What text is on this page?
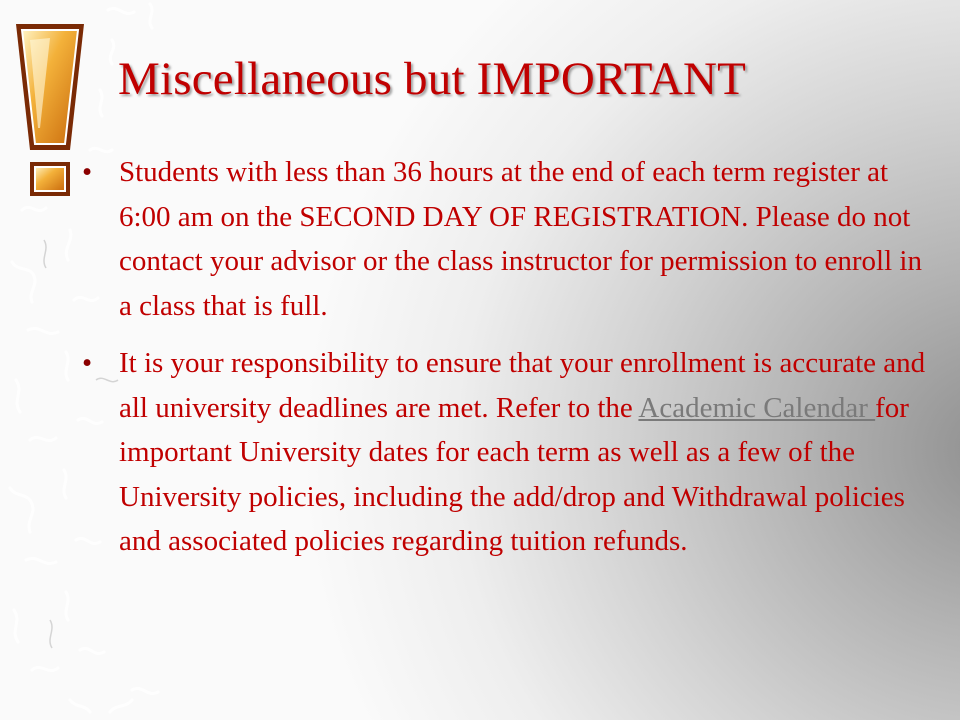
Miscellaneous but IMPORTANT
• Students with less than 36 hours at the end of each term register at 6:00 am on the SECOND DAY OF REGISTRATION. Please do not contact your advisor or the class instructor for permission to enroll in a class that is full.
• It is your responsibility to ensure that your enrollment is accurate and all university deadlines are met. Refer to the Academic Calendar for important University dates for each term as well as a few of the University policies, including the add/drop and Withdrawal policies and associated policies regarding tuition refunds.
